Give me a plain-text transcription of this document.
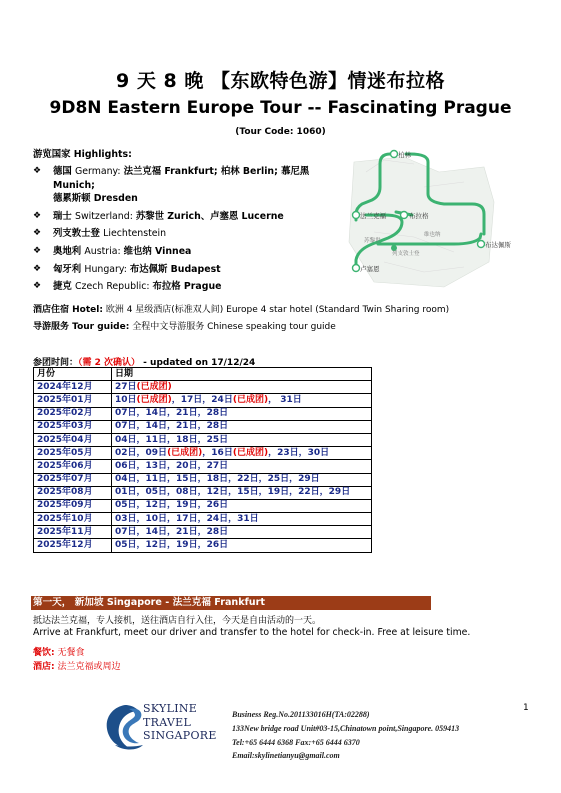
9 天 8 晚 【东欧特色游】情迷布拉格
9D8N Eastern Europe Tour -- Fascinating Prague
(Tour Code: 1060)
游览国家 Highlights:
❖	德国 Germany: 法兰克福 Frankfurt; 柏林 Berlin; 慕尼黑 Munich;
德累斯顿 Dresden
❖	瑞士 Switzerland: 苏黎世 Zurich、卢塞恩 Lucerne
❖	列支敦士登 Liechtenstein
❖	奥地利 Austria: 维也纳 Vinnea
❖	匈牙利 Hungary: 布达佩斯 Budapest
❖	捷克 Czech Republic: 布拉格 Prague
柏林
法兰克福	布拉格
布达佩斯
卢塞恩
苏黎世
维也纳
列支敦士登
酒店住宿 Hotel: 欧洲 4 星级酒店(标准双人间) Europe 4 star hotel (Standard Twin Sharing room)
导游服务 Tour guide: 全程中文导游服务 Chinese speaking tour guide
参团时间：（需 2 次确认） - updated on 17/12/24
月份	日期
2024年12月	27日(已成团)
2025年01月	10日(已成团)，17日，24日(已成团)， 31日
2025年02月	07日，14日，21日，28日
2025年03月	07日，14日，21日，28日
2025年04月	04日，11日，18日，25日
2025年05月	02日，09日(已成团)，16日(已成团)，23日，30日
2025年06月	06日，13日，20日，27日
2025年07月	04日，11日，15日，18日，22日，25日，29日
2025年08月	01日，05日，08日，12日，15日，19日，22日，29日
2025年09月	05日，12日，19日，26日
2025年10月	03日，10日，17日，24日，31日
2025年11月	07日，14日，21日，28日
2025年12月	05日，12日，19日，26日
第一天， 新加坡 Singapore - 法兰克福 Frankfurt
抵达法兰克福，专人接机，送往酒店自行入住，今天是自由活动的一天。
Arrive at Frankfurt, meet our driver and transfer to the hotel for check-in. Free at leisure time.
餐饮: 无餐食
酒店: 法兰克福或周边
SKYLINE
TRAVEL
SINGAPORE
Business Reg.No.201133016H(TA:02288)
133New bridge road Unit#03-15,Chinatown point,Singapore. 059413
Tel:+65 6444 6368 Fax:+65 6444 6370
Email:skylinetianyu@gmail.com
1
